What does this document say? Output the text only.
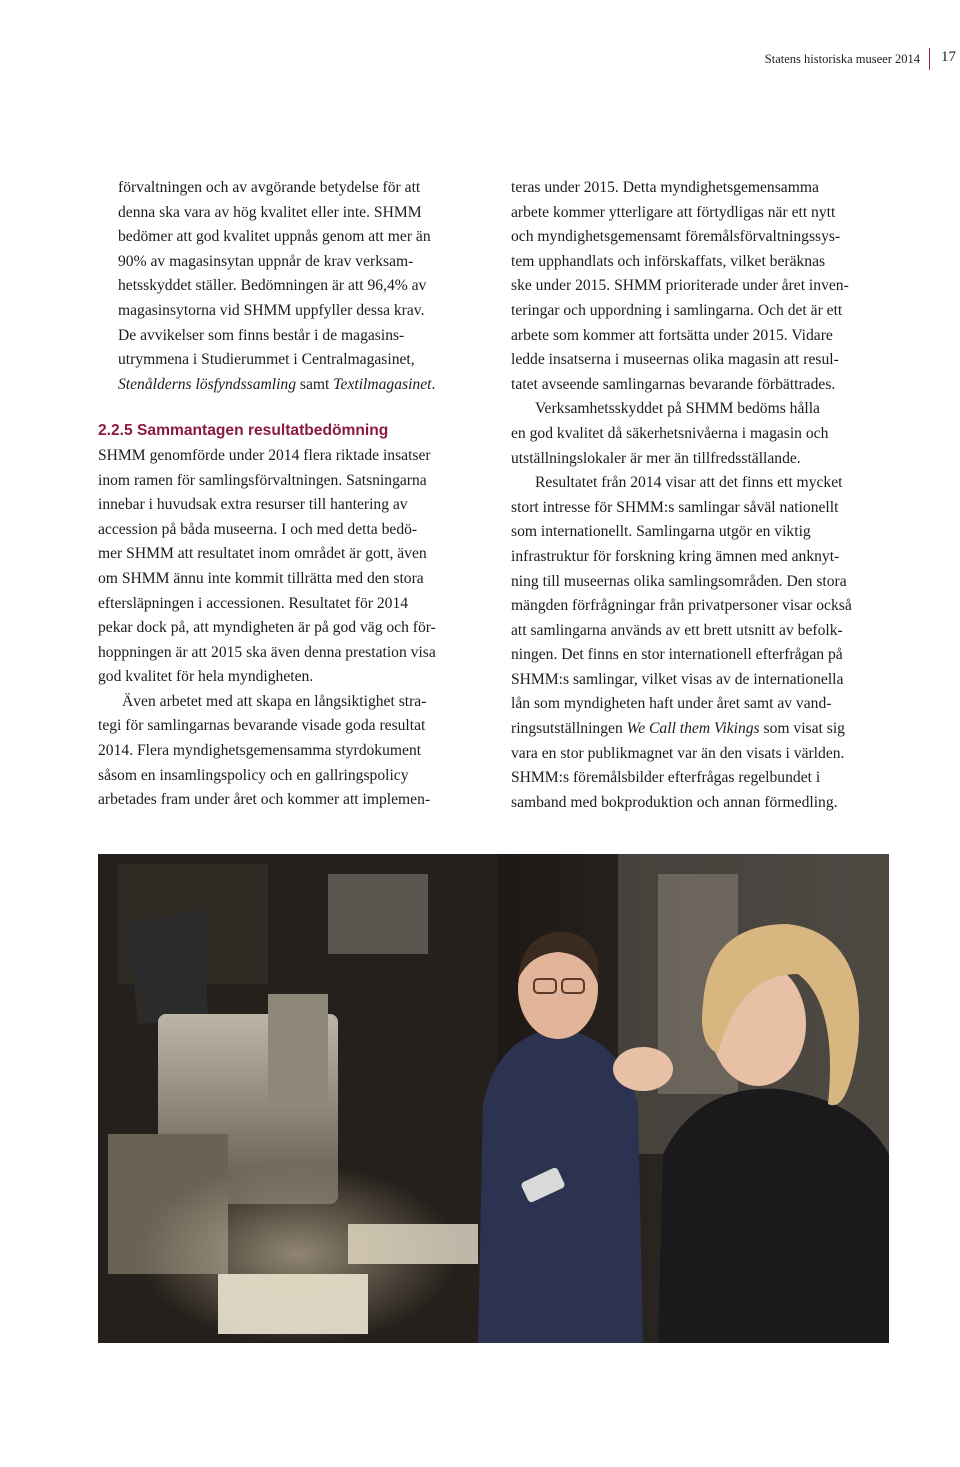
Statens historiska museer 2014 17

förvaltningen och av avgörande betydelse för att
denna ska vara av hög kvalitet eller inte. SHMM
bedömer att god kvalitet uppnås genom att mer än
90% av magasinsytan uppnår de krav verksam-
hetsskyddet ställer. Bedömningen är att 96,4% av
magasinsytorna vid SHMM uppfyller dessa krav.
De avvikelser som finns består i de magasins-
utrymmena i Studierummet i Centralmagasinet,
Stenålderns lösfyndssamling samt Textilmagasinet.

2.2.5 Sammantagen resultatbedömning

SHMM genomförde under 2014 flera riktade insatser
inom ramen för samlingsförvaltningen. Satsningarna
innebar i huvudsak extra resurser till hantering av
accession på båda museerna. I och med detta bedö-
mer SHMM att resultatet inom området är gott, även
om SHMM ännu inte kommit tillrätta med den stora
eftersläpningen i accessionen. Resultatet för 2014
pekar dock på, att myndigheten är på god väg och för-
hoppningen är att 2015 ska även denna prestation visa
god kvalitet för hela myndigheten.

Även arbetet med att skapa en långsiktighet stra-
tegi för samlingarnas bevarande visade goda resultat
2014. Flera myndighetsgemensamma styrdokument
såsom en insamlingspolicy och en gallringspolicy
arbetades fram under året och kommer att implemen-

teras under 2015. Detta myndighetsgemensamma
arbete kommer ytterligare att förtydligas när ett nytt
och myndighetsgemensamt föremålsförvaltningssys-
tem upphandlats och införskaffats, vilket beräknas
ske under 2015. SHMM prioriterade under året inven-
teringar och uppordning i samlingarna. Och det är ett
arbete som kommer att fortsätta under 2015. Vidare
ledde insatserna i museernas olika magasin att resul-
tatet avseende samlingarnas bevarande förbättrades.

Verksamhetsskyddet på SHMM bedöms hålla
en god kvalitet då säkerhetsnivåerna i magasin och
utställningslokaler är mer än tillfredsställande.

Resultatet från 2014 visar att det finns ett mycket
stort intresse för SHMM:s samlingar såväl nationellt
som internationellt. Samlingarna utgör en viktig
infrastruktur för forskning kring ämnen med anknyt-
ning till museernas olika samlingsområden. Den stora
mängden förfrågningar från privatpersoner visar också
att samlingarna används av ett brett utsnitt av befolk-
ningen. Det finns en stor internationell efterfrågan på
SHMM:s samlingar, vilket visas av de internationella
lån som myndigheten haft under året samt av vand-
ringsutställningen We Call them Vikings som visat sig
vara en stor publikmagnet var än den visats i världen.
SHMM:s föremålsbilder efterfrågas regelbundet i
samband med bokproduktion och annan förmedling.
